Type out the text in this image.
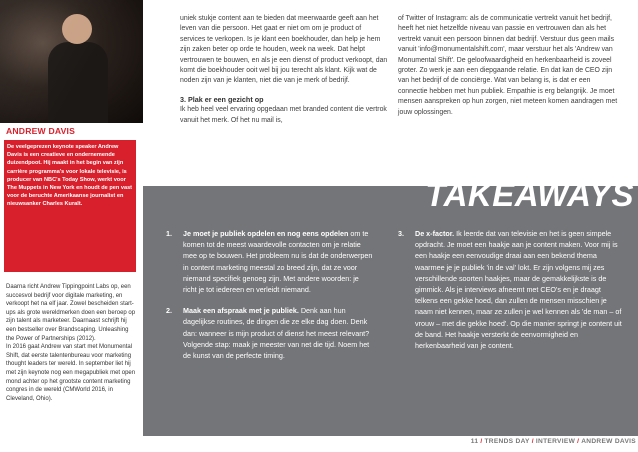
ANDREW DAVIS

De veelgeprezen keynote speaker Andrew Davis is een creatieve en ondernemende duizendpoot. Hij maakt in het begin van zijn carrière programma's voor lokale televisie, is producer van NBC's Today Show, werkt voor The Muppets in New York en houdt de pen vast voor de beruchte Amerikaanse journalist en nieuwsanker Charles Kuralt.

Daarna richt Andrew Tippingpoint Labs op, een succesvol bedrijf voor digitale marketing, en verkoopt het na elf jaar. Zowel bescheiden start-ups als grote wereldmerken doen een beroep op zijn talent als marketeer. Daarnaast schrijft hij een bestseller over Brandscaping. Unleashing the Power of Partnerships (2012).

In 2016 gaat Andrew van start met Monumental Shift, dat eerste talentenbureau voor marketing thought leaders ter wereld. In september liet hij met zijn keynote nog een megapubliek met open mond achter op het grootste content marketing congres in de wereld (CMWorld 2016, in Cleveland, Ohio).

uniek stukje content aan te bieden dat meerwaarde geeft aan het leven van die persoon. Het gaat er niet om om je product of services te verkopen. Is je klant een boekhouder, dan help je hem zijn zaken beter op orde te houden, week na week. Dat helpt vertrouwen te bouwen, en als je een dienst of product verkoopt, dan komt die boekhouder ooit wel bij jou terecht als klant. Kijk wat de noden zijn van je klanten, niet die van je merk of bedrijf.

3. Plak er een gezicht op

Ik heb heel veel ervaring opgedaan met branded content die vertrok vanuit het merk. Of het nu mail is,

of Twitter of Instagram: als de communicatie vertrekt vanuit het bedrijf, heeft het niet hetzelfde niveau van passie en vertrouwen dan als het vertrekt vanuit een persoon binnen dat bedrijf. Verstuur dus geen mails vanuit 'info@monumentalshift.com', maar verstuur het als 'Andrew van Monumental Shift'. De geloofwaardigheid en herkenbaarheid is zoveel groter. Zo werk je aan een diepgaande relatie. En dat kan de CEO zijn van het bedrijf of de conciërge. Wat van belang is, is dat er een connectie hebben met hun publiek. Empathie is erg belangrijk. Je moet mensen aanspreken op hun zorgen, niet meteen komen aandragen met jouw oplossingen.

TAKEAWAYS
1. Je moet je publiek opdelen en nog eens opdelen om te komen tot de meest waardevolle contacten om je relatie mee op te bouwen. Het probleem nu is dat de onderwerpen in content marketing meestal zo breed zijn, dat ze voor niemand specifiek genoeg zijn. Met andere woorden: je richt je tot iedereen en verleidt niemand.
2. Maak een afspraak met je publiek. Denk aan hun dagelijkse routines, de dingen die ze elke dag doen. Denk dan: wanneer is mijn product of dienst het meest relevant? Volgende stap: maak je meester van net die tijd. Noem het de kunst van de perfecte timing.
3. De x-factor. Ik leerde dat van televisie en het is geen simpele opdracht. Je moet een haakje aan je content maken. Voor mij is een haakje een eenvoudige draai aan een bekend thema waarmee je je publiek 'in de val' lokt. Er zijn volgens mij zes verschillende soorten haakjes, maar de gemakkelijkste is de gimmick. Als je interviews afneemt met CEO's en je draagt telkens een gekke hoed, dan zullen de mensen misschien je naam niet kennen, maar ze zullen je wel kennen als 'de man – of vrouw – met die gekke hoed'. Op die manier springt je content uit de band. Het haakje versterkt de eenvormigheid en herkenbaarheid van je content.
11 / TRENDS DAY / INTERVIEW / ANDREW DAVIS
